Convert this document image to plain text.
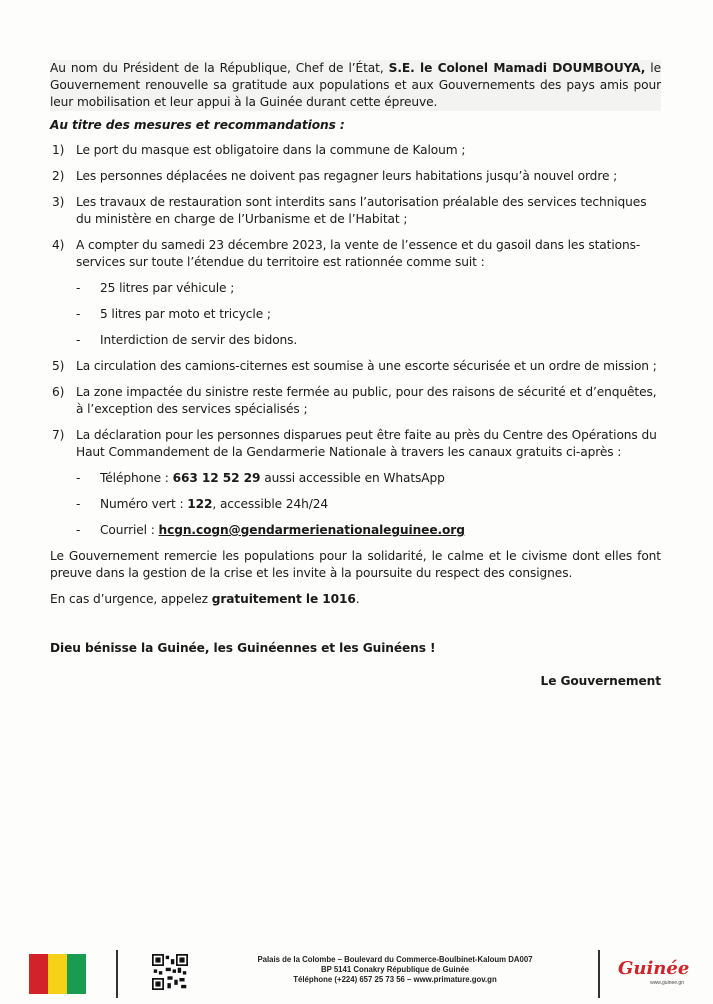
Au nom du Président de la République, Chef de l’État, S.E. le Colonel Mamadi DOUMBOUYA, le Gouvernement renouvelle sa gratitude aux populations et aux Gouvernements des pays amis pour leur mobilisation et leur appui à la Guinée durant cette épreuve.

Au titre des mesures et recommandations :

1) Le port du masque est obligatoire dans la commune de Kaloum ;
2) Les personnes déplacées ne doivent pas regagner leurs habitations jusqu’à nouvel ordre ;
3) Les travaux de restauration sont interdits sans l’autorisation préalable des services techniques du ministère en charge de l’Urbanisme et de l’Habitat ;
4) A compter du samedi 23 décembre 2023, la vente de l’essence et du gasoil dans les stations-services sur toute l’étendue du territoire est rationnée comme suit :
-	25 litres par véhicule ;
-	5 litres par moto et tricycle ;
-	Interdiction de servir des bidons.
5) La circulation des camions-citernes est soumise à une escorte sécurisée et un ordre de mission ;
6) La zone impactée du sinistre reste fermée au public, pour des raisons de sécurité et d’enquêtes, à l’exception des services spécialisés ;
7) La déclaration pour les personnes disparues peut être faite au près du Centre des Opérations du Haut Commandement de la Gendarmerie Nationale à travers les canaux gratuits ci-après :
-	Téléphone : 663 12 52 29 aussi accessible en WhatsApp
-	Numéro vert : 122, accessible 24h/24
-	Courriel : hcgn.cogn@gendarmerienationaleguinee.org

Le Gouvernement remercie les populations pour la solidarité, le calme et le civisme dont elles font preuve dans la gestion de la crise et les invite à la poursuite du respect des consignes.

En cas d’urgence, appelez gratuitement le 1016.

Dieu bénisse la Guinée, les Guinéennes et les Guinéens !

Le Gouvernement

Palais de la Colombe – Boulevard du Commerce-Boulbinet-Kaloum DA007
BP 5141 Conakry République de Guinée
Téléphone (+224) 657 25 73 56 – www.primature.gov.gn
Guinée
www.guinee.gn
